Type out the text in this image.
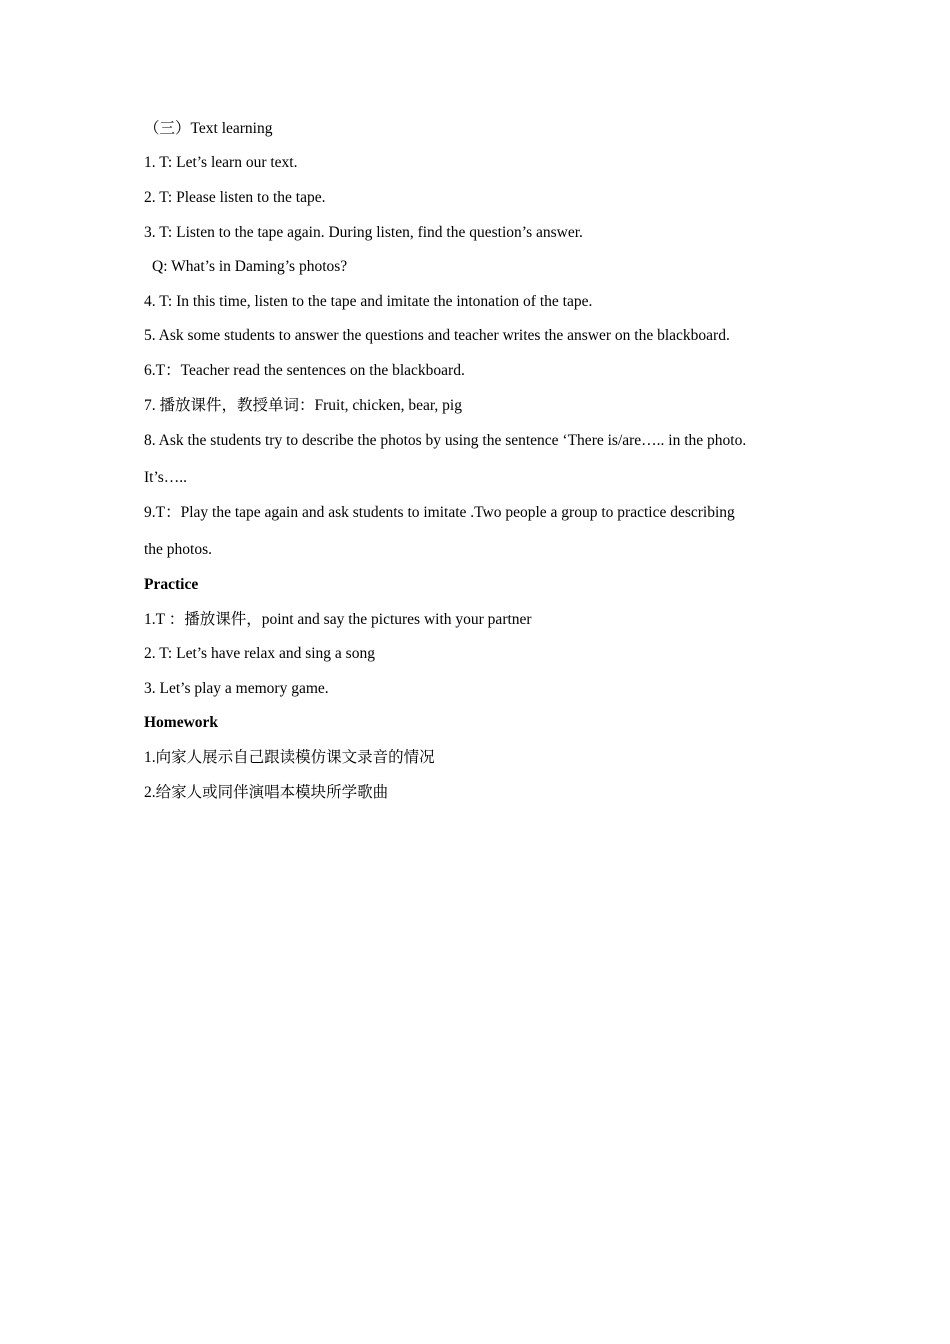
（三）Text learning
1. T: Let’s learn our text.
2. T: Please listen to the tape.
3. T: Listen to the tape again. During listen, find the question’s answer.
Q: What’s in Daming’s photos?
4. T: In this time, listen to the tape and imitate the intonation of the tape.
5. Ask some students to answer the questions and teacher writes the answer on the blackboard.
6.T：Teacher read the sentences on the blackboard.
7. 播放课件，教授单词：Fruit, chicken, bear, pig
8. Ask the students try to describe the photos by using the sentence ‘There is/are….. in the photo.
It’s…..
9.T：Play the tape again and ask students to imitate .Two people a group to practice describing
the photos.
Practice
1.T ：播放课件，point and say the pictures with your partner
2. T: Let’s have relax and sing a song
3. Let’s play a memory game.
Homework
1.向家人展示自己跟读模仿课文录音的情况
2.给家人或同伴演唱本模块所学歌曲
